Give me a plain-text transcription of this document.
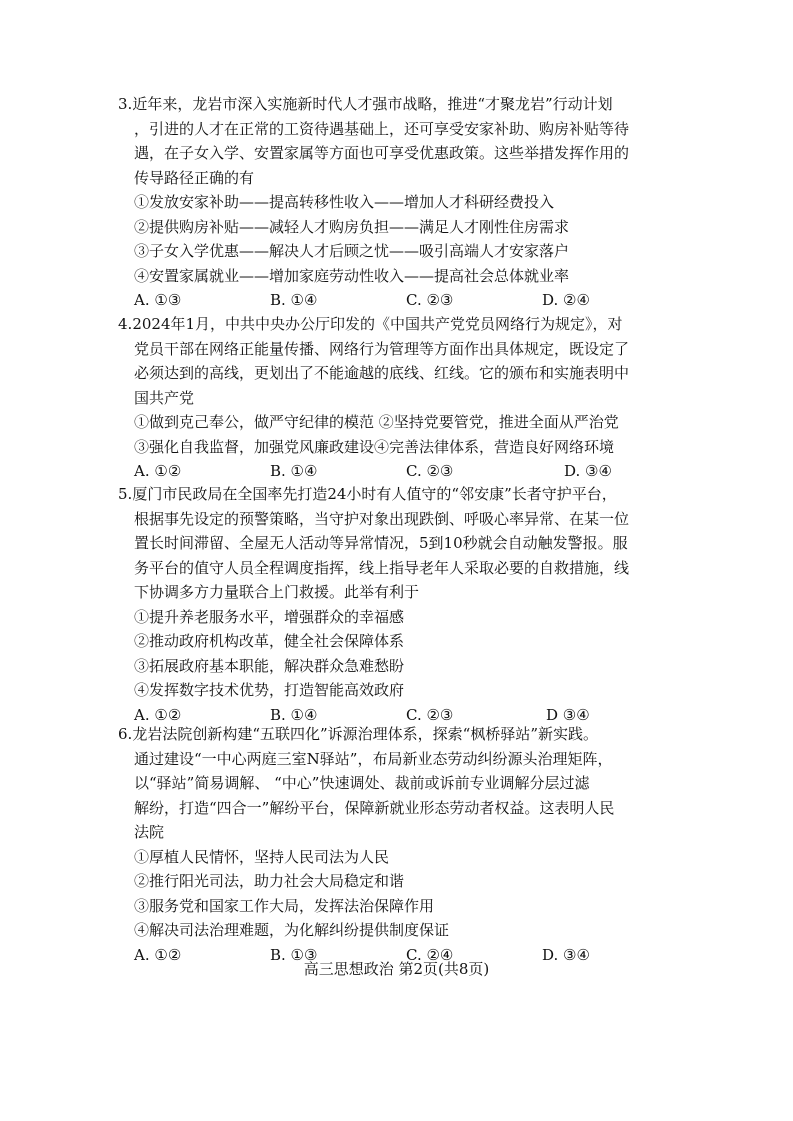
3.近年来，龙岩市深入实施新时代人才强市战略，推进“才聚龙岩”行动计划
，引进的人才在正常的工资待遇基础上，还可享受安家补助、购房补贴等待
遇，在子女入学、安置家属等方面也可享受优惠政策。这些举措发挥作用的
传导路径正确的有
①发放安家补助——提高转移性收入——增加人才科研经费投入
②提供购房补贴——减轻人才购房负担——满足人才刚性住房需求
③子女入学优惠——解决人才后顾之忧——吸引高端人才安家落户
④安置家属就业——增加家庭劳动性收入——提高社会总体就业率
A. ①③	B. ①④	C. ②③	D. ②④
4.2024年1月，中共中央办公厅印发的《中国共产党党员网络行为规定》，对
党员干部在网络正能量传播、网络行为管理等方面作出具体规定，既设定了
必须达到的高线，更划出了不能逾越的底线、红线。它的颁布和实施表明中
国共产党
①做到克己奉公，做严守纪律的模范 ②坚持党要管党，推进全面从严治党
③强化自我监督，加强党风廉政建设④完善法律体系，营造良好网络环境
A. ①②	B. ①④	C. ②③	D. ③④
5.厦门市民政局在全国率先打造24小时有人值守的“邻安康”长者守护平台，
根据事先设定的预警策略，当守护对象出现跌倒、呼吸心率异常、在某一位
置长时间滞留、全屋无人活动等异常情况，5到10秒就会自动触发警报。服
务平台的值守人员全程调度指挥，线上指导老年人采取必要的自救措施，线
下协调多方力量联合上门救援。此举有利于
①提升养老服务水平，增强群众的幸福感
②推动政府机构改革，健全社会保障体系
③拓展政府基本职能，解决群众急难愁盼
④发挥数字技术优势，打造智能高效政府
A. ①②	B. ①④	C. ②③	D ③④
6.龙岩法院创新构建“五联四化”诉源治理体系，探索“枫桥驿站”新实践。
通过建设“一中心两庭三室N驿站”，布局新业态劳动纠纷源头治理矩阵，
以“驿站”简易调解、 “中心”快速调处、裁前或诉前专业调解分层过滤
解纷，打造“四合一”解纷平台，保障新就业形态劳动者权益。这表明人民
法院
①厚植人民情怀，坚持人民司法为人民
②推行阳光司法，助力社会大局稳定和谐
③服务党和国家工作大局，发挥法治保障作用
④解决司法治理难题，为化解纠纷提供制度保证
A. ①②	B. ①③	C. ②④	D. ③④
高三思想政治 第2页(共8页)
